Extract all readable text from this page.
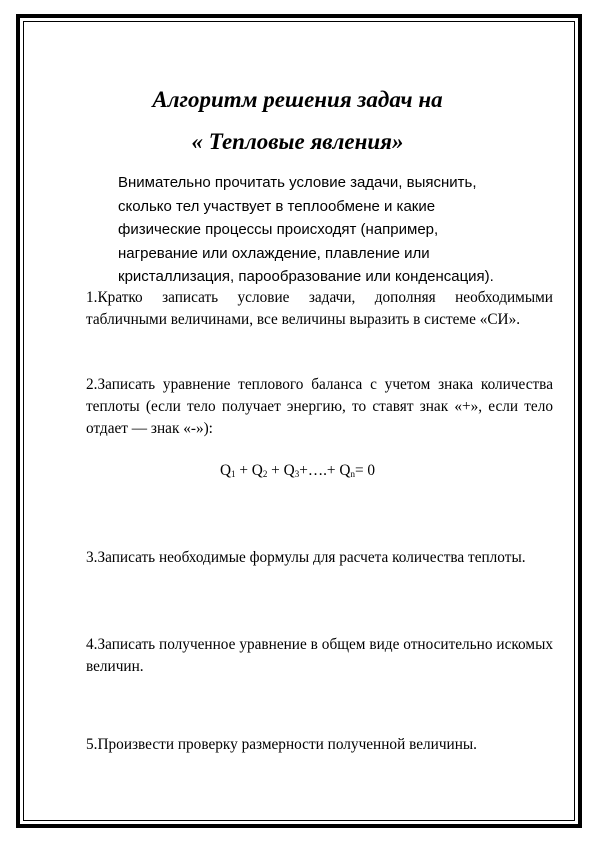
Алгоритм решения задач на
« Тепловые явления»
Внимательно прочитать условие задачи, выяснить, сколько тел участвует в теплообмене и какие физические процессы происходят (например, нагревание или охлаждение, плавление или кристаллизация, парообразование или конденсация).
1.Кратко записать условие задачи, дополняя необходимыми табличными величинами, все величины выразить в системе «СИ».
2.Записать уравнение теплового баланса с учетом знака количества теплоты (если тело получает энергию, то ставят знак «+», если тело отдает — знак «-»):
$Q_1 + Q_2$ + $Q_3+\dots.+ Q_n= 0$
3.Записать необходимые формулы для расчета количества теплоты.
4.Записать полученное уравнение в общем виде относительно искомых величин.
5.Произвести проверку размерности полученной величины.
